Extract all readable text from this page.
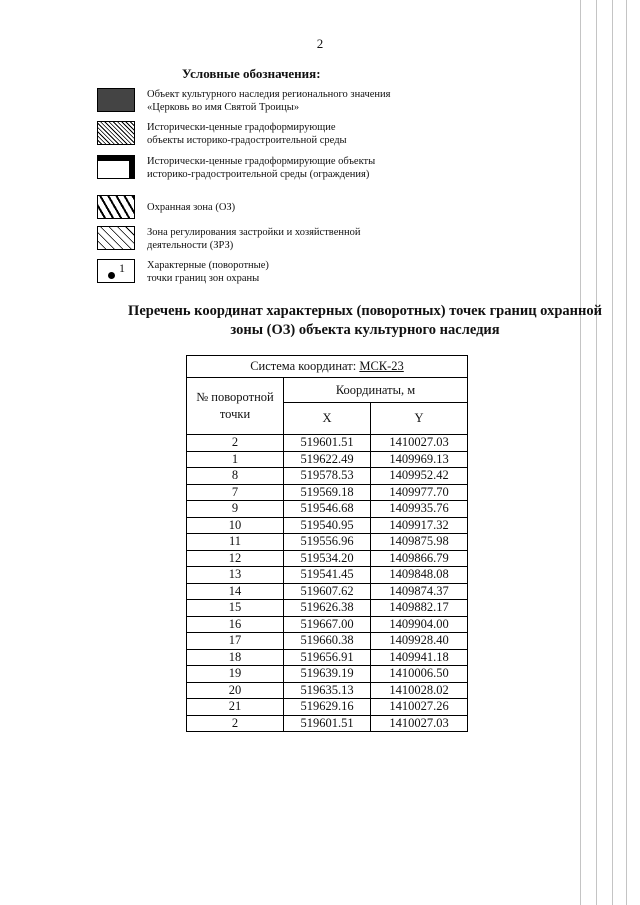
2
Условные обозначения:
Объект культурного наследия регионального значения
«Церковь во имя Святой Троицы»
Исторически-ценные градоформирующие
объекты историко-градостроительной среды
Исторически-ценные градоформирующие объекты
историко-градостроительной среды (ограждения)
Охранная зона (ОЗ)
Зона регулирования застройки и хозяйственной
деятельности (ЗРЗ)
1 Характерные (поворотные)
точки границ зон охраны
Перечень координат характерных (поворотных) точек границ охранной
зоны (ОЗ) объекта культурного наследия
Система координат: МСК-23		
№ поворотной точки	Координаты, м	
	X	Y
2	519601.51	1410027.03
1	519622.49	1409969.13
8	519578.53	1409952.42
7	519569.18	1409977.70
9	519546.68	1409935.76
10	519540.95	1409917.32
11	519556.96	1409875.98
12	519534.20	1409866.79
13	519541.45	1409848.08
14	519607.62	1409874.37
15	519626.38	1409882.17
16	519667.00	1409904.00
17	519660.38	1409928.40
18	519656.91	1409941.18
19	519639.19	1410006.50
20	519635.13	1410028.02
21	519629.16	1410027.26
2	519601.51	1410027.03
